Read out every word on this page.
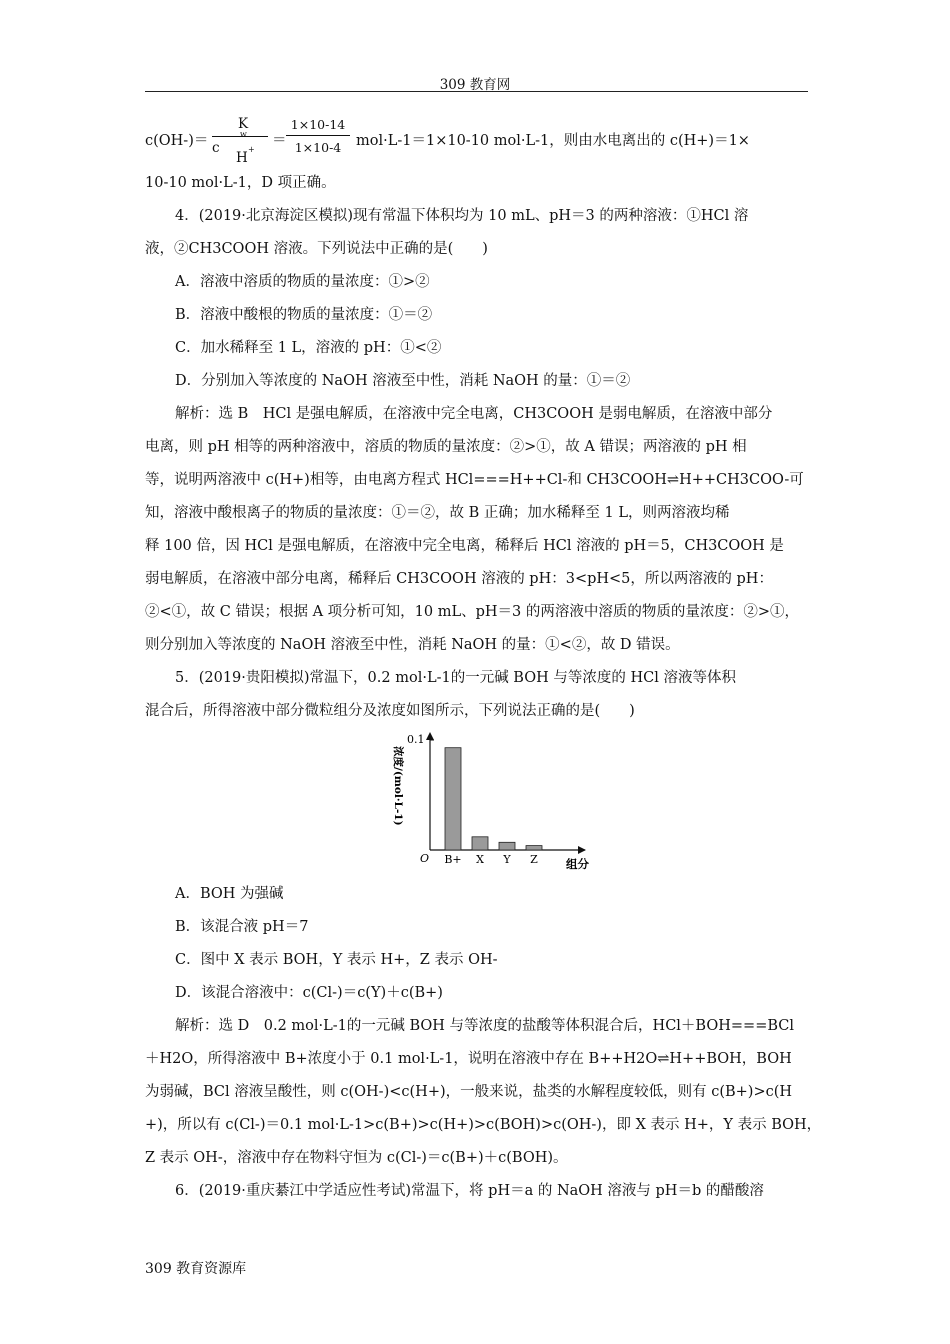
309 教育网
c(OH-)＝
K
c
w
H
+
＝
1×10-14
1×10-4	mol·L-1＝1×10-10 mol·L-1，则由水电离出的 c(H+)＝1×
10-10 mol·L-1，D 项正确。
4．(2019·北京海淀区模拟)现有常温下体积均为 10 mL、pH＝3 的两种溶液：①HCl 溶
液，②CH3COOH 溶液。下列说法中正确的是(　　)
A．溶液中溶质的物质的量浓度：①>②
B．溶液中酸根的物质的量浓度：①＝②
C．加水稀释至 1 L，溶液的 pH：①<②
D．分别加入等浓度的 NaOH 溶液至中性，消耗 NaOH 的量：①＝②
解析：选 B　HCl 是强电解质，在溶液中完全电离，CH3COOH 是弱电解质，在溶液中部分
电离，则 pH 相等的两种溶液中，溶质的物质的量浓度：②>①，故 A 错误；两溶液的 pH 相
等，说明两溶液中 c(H+)相等，由电离方程式 HCl===H++Cl-和 CH3COOH⇌H++CH3COO-可
知，溶液中酸根离子的物质的量浓度：①＝②，故 B 正确；加水稀释至 1 L，则两溶液均稀
释 100 倍，因 HCl 是强电解质，在溶液中完全电离，稀释后 HCl 溶液的 pH＝5，CH3COOH 是
弱电解质，在溶液中部分电离，稀释后 CH3COOH 溶液的 pH：3<pH<5，所以两溶液的 pH：
②<①，故 C 错误；根据 A 项分析可知，10 mL、pH＝3 的两溶液中溶质的物质的量浓度：②>①，
则分别加入等浓度的 NaOH 溶液至中性，消耗 NaOH 的量：①<②，故 D 错误。
5．(2019·贵阳模拟)常温下，0.2 mol·L-1的一元碱 BOH 与等浓度的 HCl 溶液等体积
混合后，所得溶液中部分微粒组分及浓度如图所示，下列说法正确的是(　　)
0.1
O	组分
浓度/(mol·L-1)
B+ X Y Z
A．BOH 为强碱
B．该混合液 pH＝7
C．图中 X 表示 BOH，Y 表示 H+，Z 表示 OH-
D．该混合溶液中：c(Cl-)＝c(Y)＋c(B+)
解析：选 D　0.2 mol·L-1的一元碱 BOH 与等浓度的盐酸等体积混合后，HCl＋BOH===BCl
＋H2O，所得溶液中 B+浓度小于 0.1 mol·L-1，说明在溶液中存在 B++H2O⇌H++BOH，BOH
为弱碱，BCl 溶液呈酸性，则 c(OH-)<c(H+)，一般来说，盐类的水解程度较低，则有 c(B+)>c(H
+)，所以有 c(Cl-)＝0.1 mol·L-1>c(B+)>c(H+)>c(BOH)>c(OH-)，即 X 表示 H+，Y 表示 BOH，
Z 表示 OH-，溶液中存在物料守恒为 c(Cl-)＝c(B+)＋c(BOH)。
6．(2019·重庆綦江中学适应性考试)常温下，将 pH＝a 的 NaOH 溶液与 pH＝b 的醋酸溶
309 教育资源库
